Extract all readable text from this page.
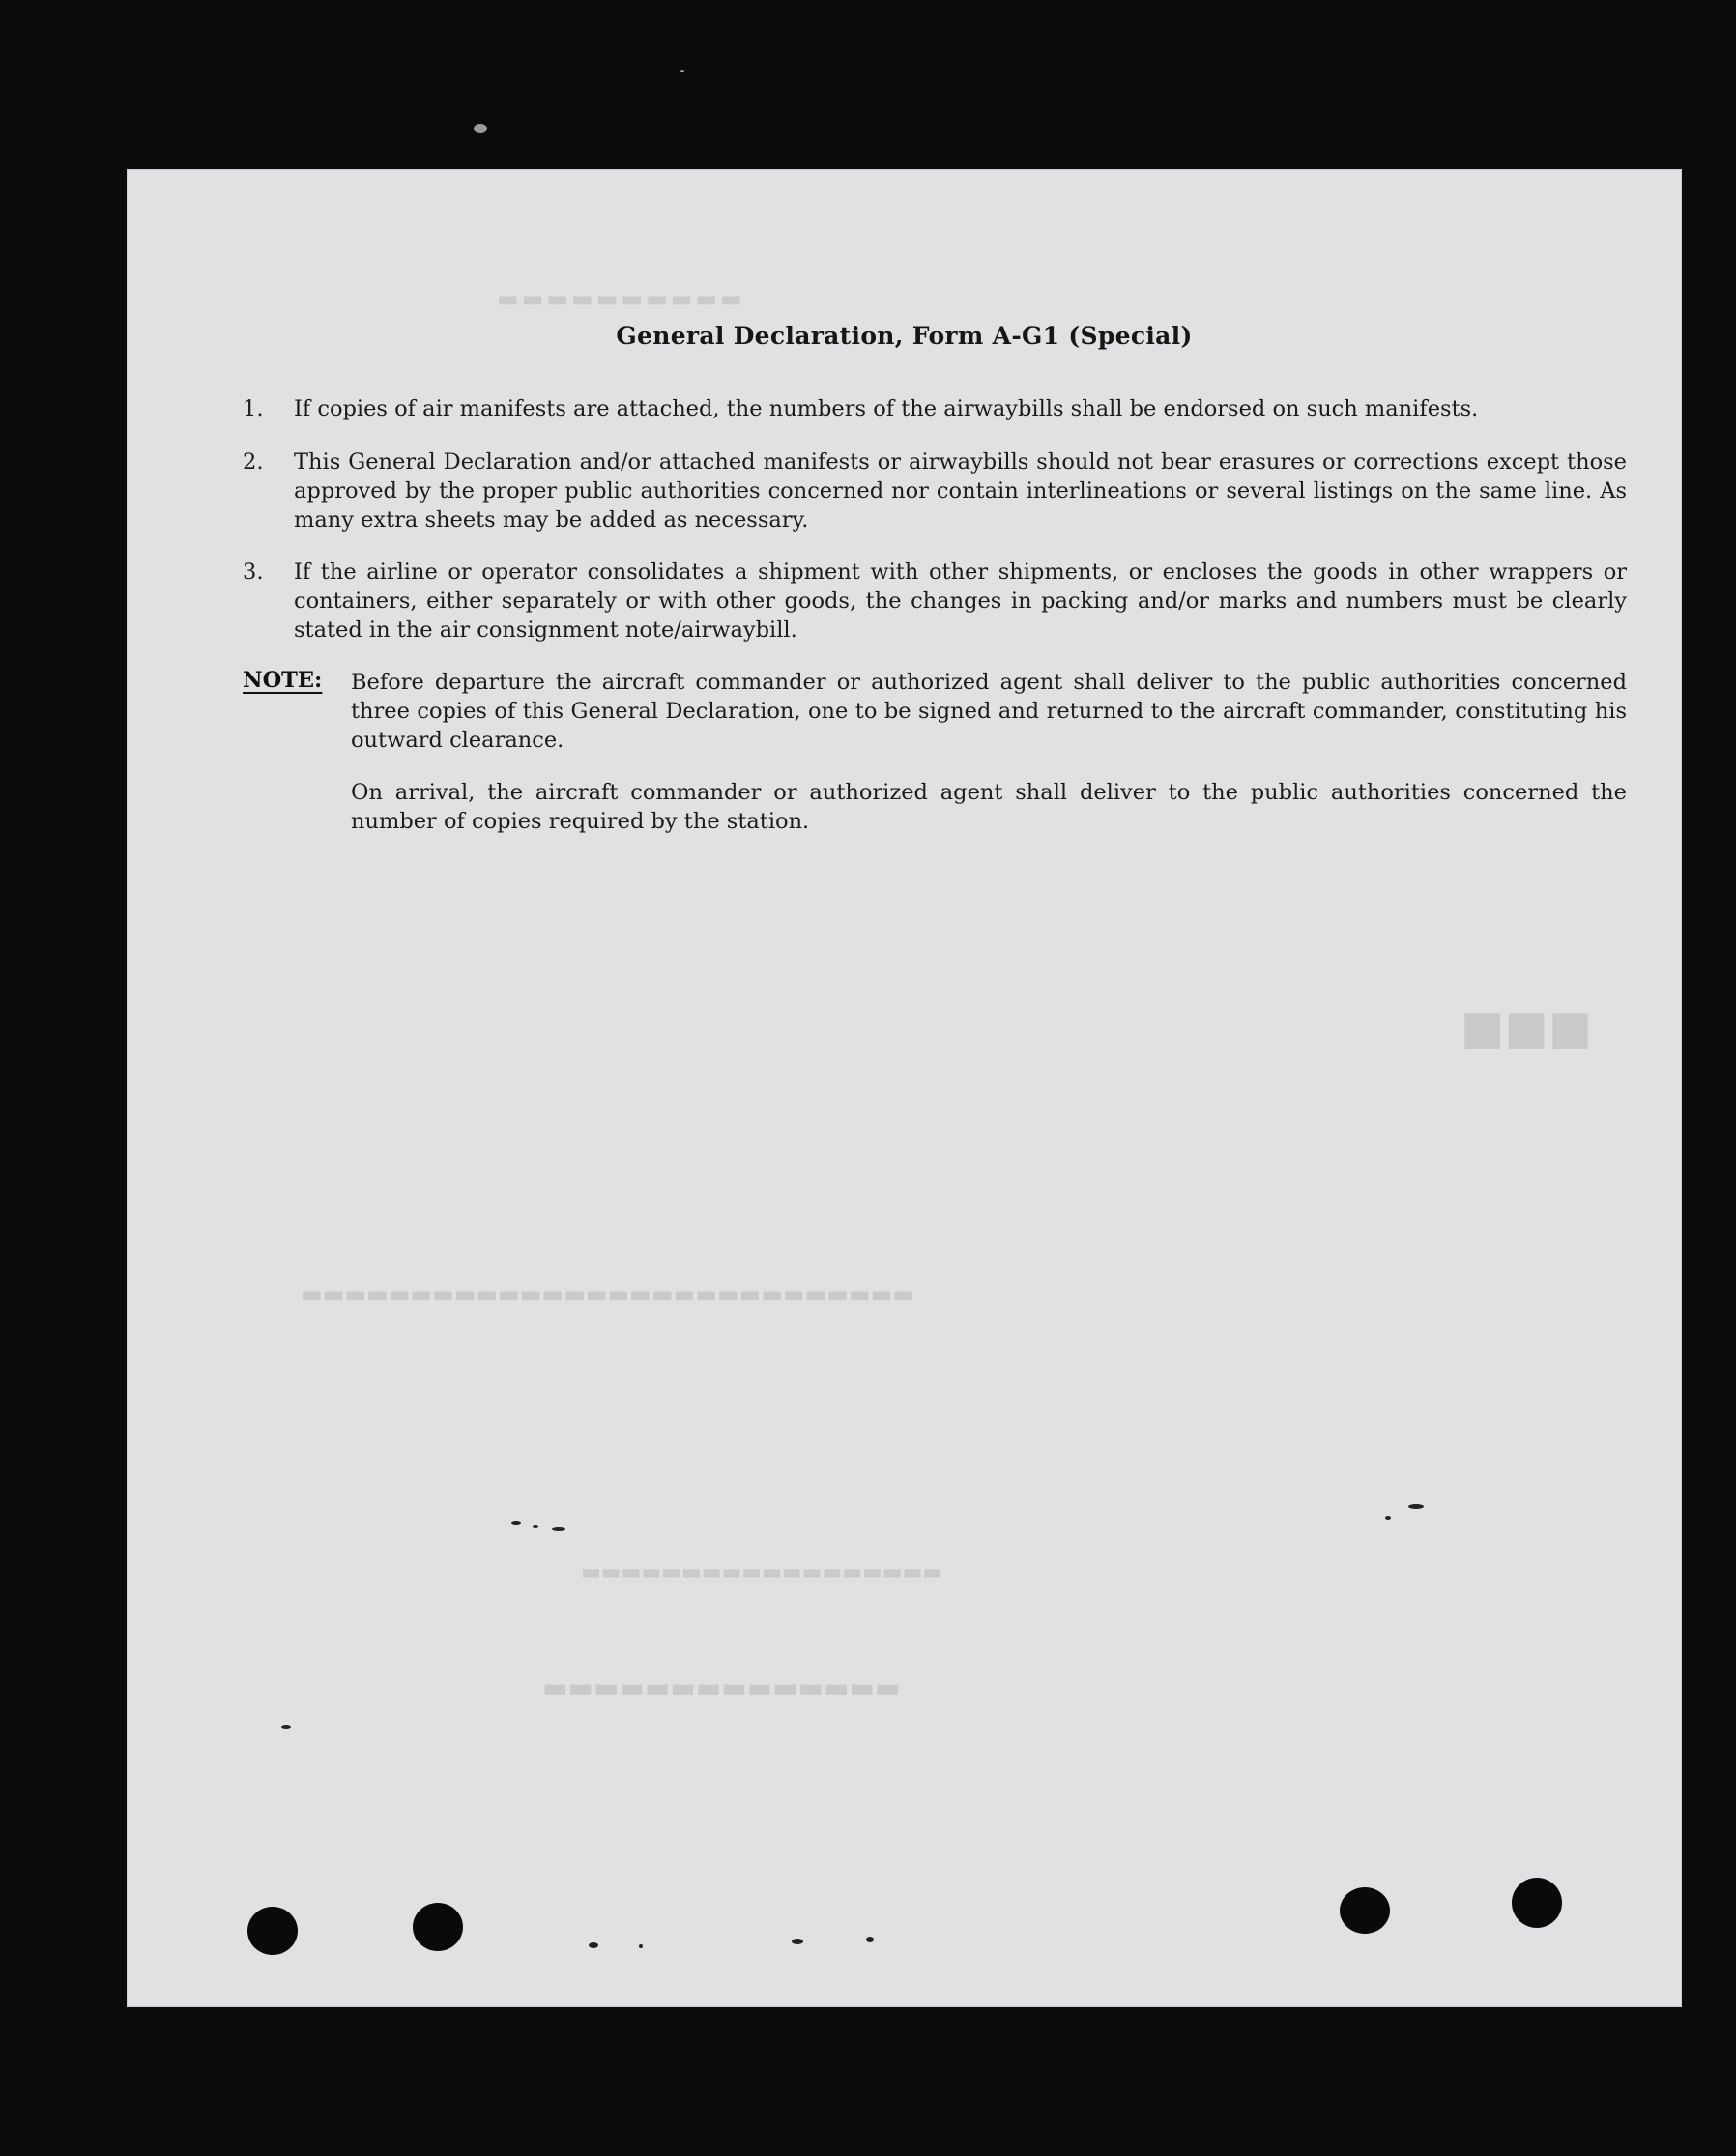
▬▬▬▬▬▬▬▬▬▬
■■■
▬▬▬▬▬▬▬▬▬▬▬▬▬▬▬▬▬▬▬▬▬▬▬▬▬▬▬▬
▬▬▬▬▬▬▬▬▬▬▬▬▬▬▬▬▬▬
▬▬▬▬▬▬▬▬▬▬▬▬▬▬
General Declaration, Form A-G1 (Special)
1. If copies of air manifests are attached, the numbers of the airwaybills shall be endorsed on such manifests.
2. This General Declaration and/or attached manifests or airwaybills should not bear erasures or corrections except those approved by the proper public authorities concerned nor contain interlineations or several listings on the same line. As many extra sheets may be added as necessary.
3. If the airline or operator consolidates a shipment with other shipments, or encloses the goods in other wrappers or containers, either separately or with other goods, the changes in packing and/or marks and numbers must be clearly stated in the air consignment note/airwaybill.
NOTE: Before departure the aircraft commander or authorized agent shall deliver to the public authorities concerned three copies of this General Declaration, one to be signed and returned to the aircraft commander, constituting his outward clearance.
On arrival, the aircraft commander or authorized agent shall deliver to the public authorities concerned the number of copies required by the station.
